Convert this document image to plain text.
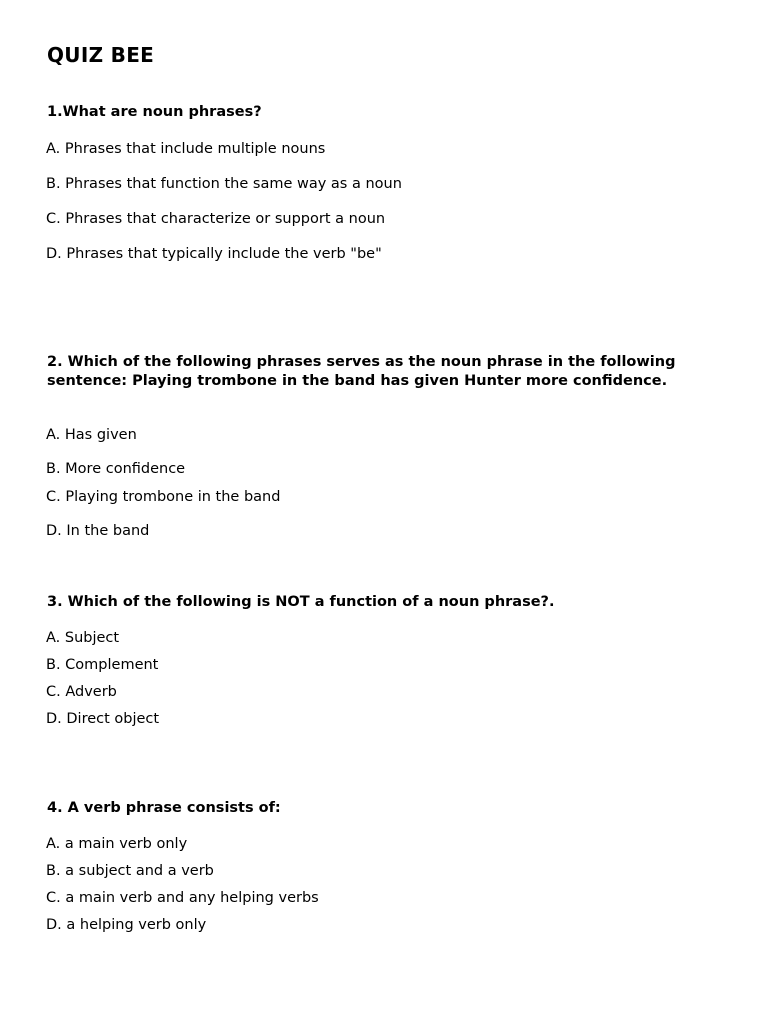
QUIZ BEE

1.What are noun phrases?

A. Phrases that include multiple nouns

B. Phrases that function the same way as a noun

C. Phrases that characterize or support a noun

D. Phrases that typically include the verb "be"

2. Which of the following phrases serves as the noun phrase in the following sentence: Playing trombone in the band has given Hunter more confidence.

A. Has given

B. More confidence

C. Playing trombone in the band

D. In the band

3. Which of the following is NOT a function of a noun phrase?.

A. Subject

B. Complement

C. Adverb

D. Direct object

4. A verb phrase consists of:

A. a main verb only

B. a subject and a verb

C. a main verb and any helping verbs

D. a helping verb only
